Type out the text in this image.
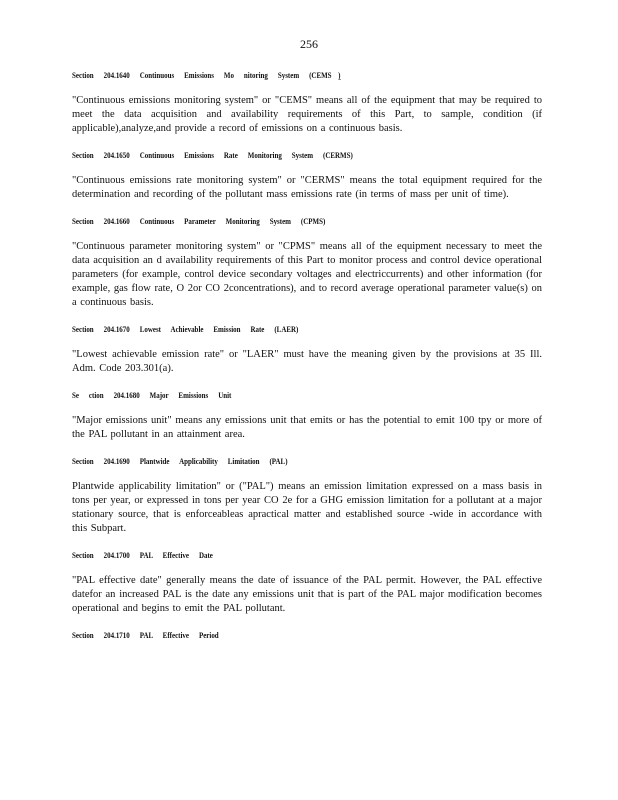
256

Section 204.1640 Continuous Emissions Mo nitoring System (CEMS )

"Continuous emissions monitoring system" or "CEMS" means all of the equipment that may be required to meet the data acquisition and availability requirements of this Part, to sample, condition (if applicable),analyze,and provide a record of emissions on a continuous basis.

Section 204.1650 Continuous Emissions Rate Monitoring System (CERMS)

"Continuous emissions rate monitoring system" or "CERMS" means the total equipment required for the determination and recording of the pollutant mass emissions rate (in terms of mass per unit of time).

Section 204.1660 Continuous Parameter Monitoring System (CPMS)

"Continuous parameter monitoring system" or "CPMS" means all of the equipment necessary to meet the data acquisition an d availability requirements of this Part to monitor process and control device operational parameters (for example, control device secondary voltages and electriccurrents) and other information (for example, gas flow rate, O 2or CO 2concentrations), and to record average operational parameter value(s) on a continuous basis.

Section 204.1670 Lowest Achievable Emission Rate (LAER)

"Lowest achievable emission rate" or "LAER" must have the meaning given by the provisions at 35 Ill. Adm. Code 203.301(a).

Se ction 204.1680 Major Emissions Unit

"Major emissions unit" means any emissions unit that emits or has the potential to emit 100 tpy or more of the PAL pollutant in an attainment area.

Section 204.1690 Plantwide Applicability Limitation (PAL)

Plantwide applicability limitation" or ("PAL") means an emission limitation expressed on a mass basis in tons per year, or expressed in tons per year CO 2e for a GHG emission limitation for a pollutant at a major stationary source, that is enforceableas apractical matter and established source -wide in accordance with this Subpart.

Section 204.1700 PAL Effective Date

"PAL effective date" generally means the date of issuance of the PAL permit. However, the PAL effective datefor an increased PAL is the date any emissions unit that is part of the PAL major modification becomes operational and begins to emit the PAL pollutant.

Section 204.1710 PAL Effective Period
